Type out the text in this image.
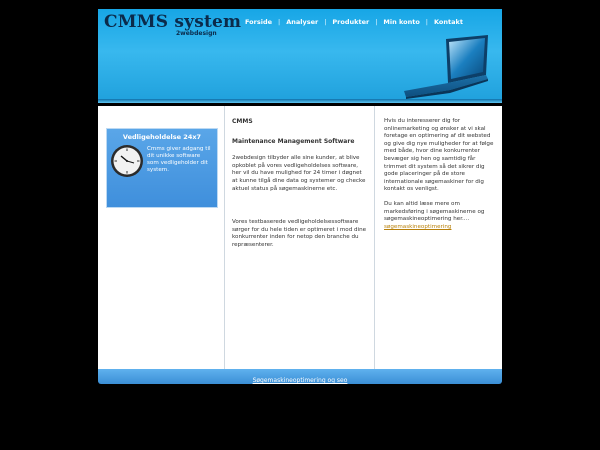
CMMS system
2webdesign
Forside | Analyser | Produkter | Min konto | Kontakt
Vedligeholdelse 24x7
Cmms giver adgang til dit unikke software som vedligeholder dit system.
CMMS
Maintenance Management Software

2webdesign tilbyder alle sine kunder, at blive opkoblet på vores vedligeholdelses software, her vil du have mulighed for 24 timer i døgnet at kunne tilgå dine data og systemer og checke aktuel status på søgemaskinerne etc.

Vores testbaserede vedligeholdelsessoftware sørger for du hele tiden er optimeret i mod dine konkurrenter inden for netop den branche du repræsenterer.

Hvis du interesserer dig for onlinemarketing og ønsker at vi skal foretage en optimering af dit websted og give dig nye muligheder for at følge med både, hvor dine konkurrenter bevæger sig hen og samtidig får trimmet dit system så det sikrer dig gode placeringer på de store internationale søgemaskiner for dig kontakt os venligst.

Du kan altid læse mere om markedsføring i søgemaskinerne og søgemaskineoptimering her....
søgemaskineoptimering

Søgemaskineoptimering og seo
